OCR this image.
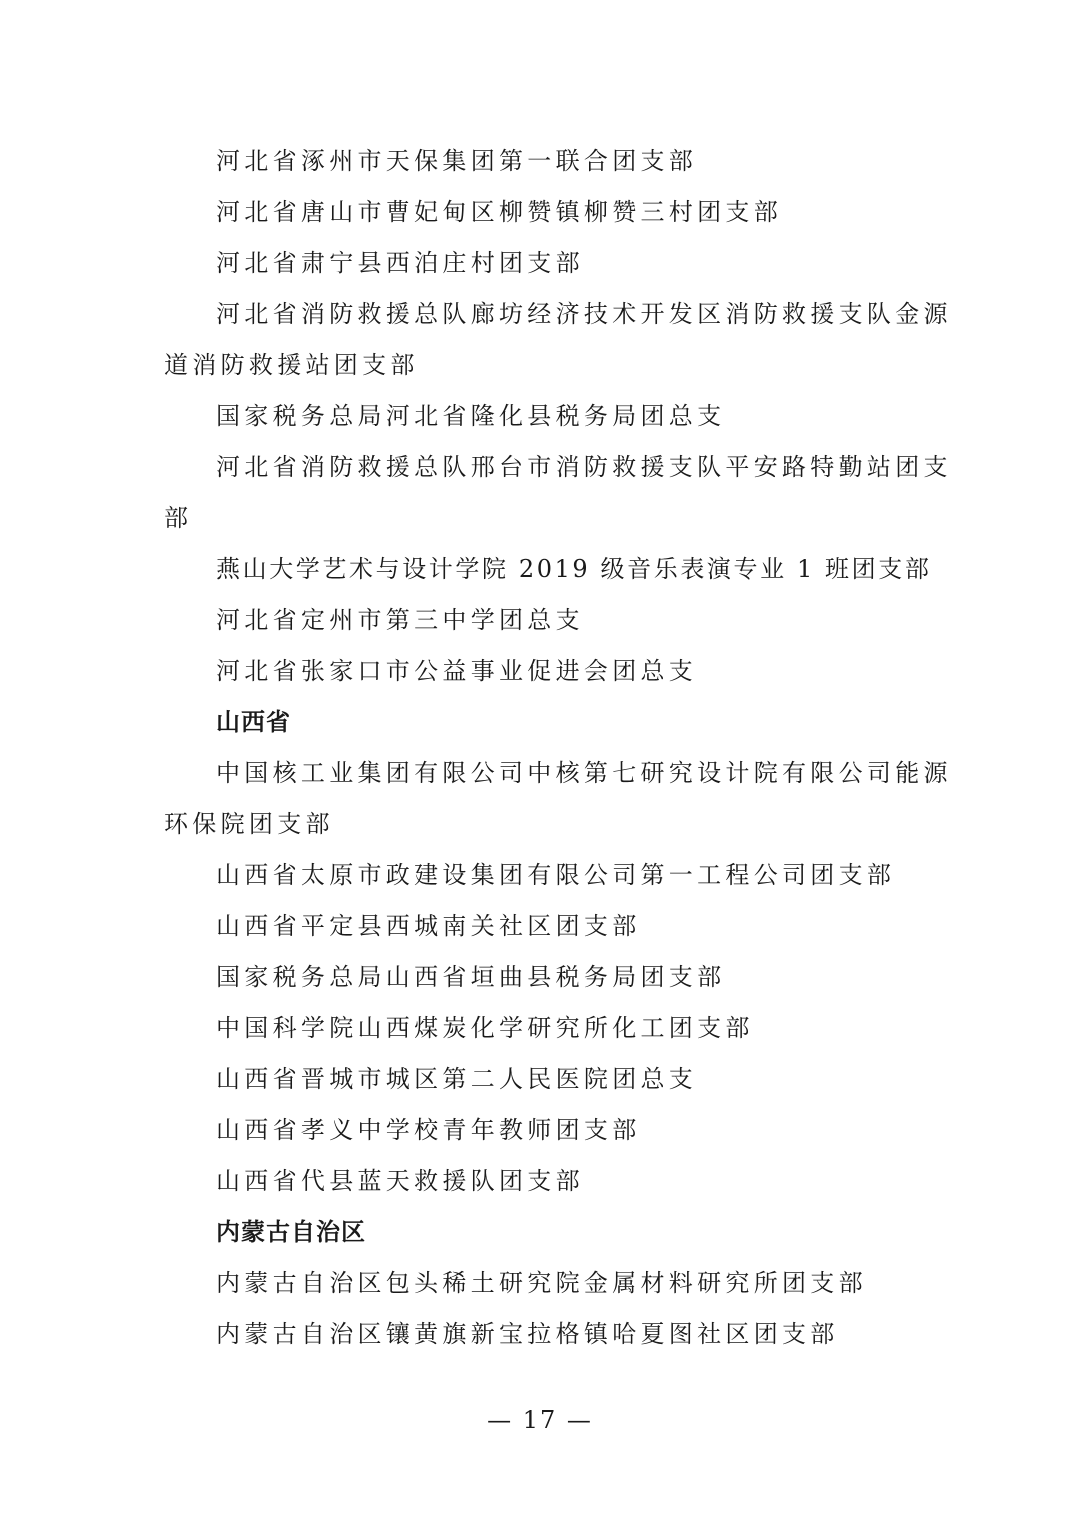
河北省涿州市天保集团第一联合团支部
河北省唐山市曹妃甸区柳赞镇柳赞三村团支部
河北省肃宁县西泊庄村团支部
河北省消防救援总队廊坊经济技术开发区消防救援支队金源
道消防救援站团支部
国家税务总局河北省隆化县税务局团总支
河北省消防救援总队邢台市消防救援支队平安路特勤站团支
部
燕山大学艺术与设计学院 2019 级音乐表演专业 1 班团支部
河北省定州市第三中学团总支
河北省张家口市公益事业促进会团总支
山西省
中国核工业集团有限公司中核第七研究设计院有限公司能源
环保院团支部
山西省太原市政建设集团有限公司第一工程公司团支部
山西省平定县西城南关社区团支部
国家税务总局山西省垣曲县税务局团支部
中国科学院山西煤炭化学研究所化工团支部
山西省晋城市城区第二人民医院团总支
山西省孝义中学校青年教师团支部
山西省代县蓝天救援队团支部
内蒙古自治区
内蒙古自治区包头稀土研究院金属材料研究所团支部
内蒙古自治区镶黄旗新宝拉格镇哈夏图社区团支部
— 17 —
